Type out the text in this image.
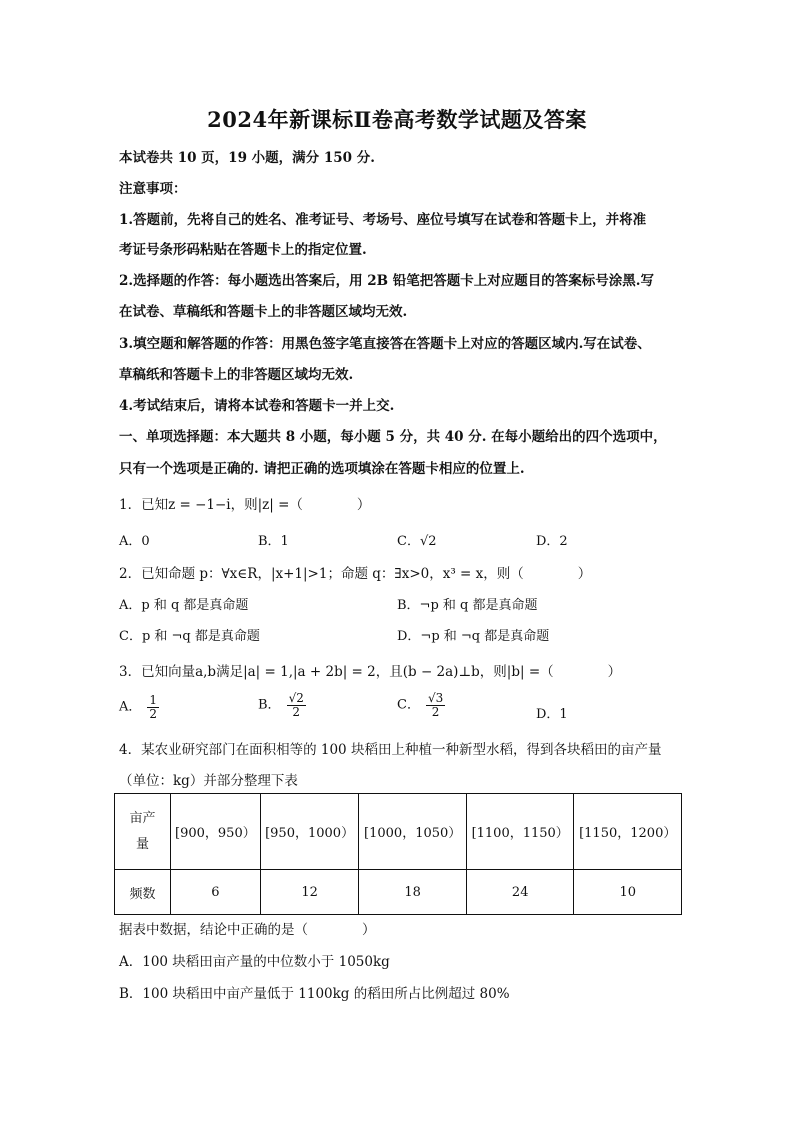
2024年新课标Ⅱ卷高考数学试题及答案
本试卷共 10 页，19 小题，满分 150 分.
注意事项：
1.答题前，先将自己的姓名、准考证号、考场号、座位号填写在试卷和答题卡上，并将准
考证号条形码粘贴在答题卡上的指定位置.
2.选择题的作答：每小题选出答案后，用 2B 铅笔把答题卡上对应题目的答案标号涂黑.写
在试卷、草稿纸和答题卡上的非答题区域均无效.
3.填空题和解答题的作答：用黑色签字笔直接答在答题卡上对应的答题区域内.写在试卷、
草稿纸和答题卡上的非答题区域均无效.
4.考试结束后，请将本试卷和答题卡一并上交.
一、单项选择题：本大题共 8 小题，每小题 5 分，共 40 分. 在每小题给出的四个选项中，
只有一个选项是正确的. 请把正确的选项填涂在答题卡相应的位置上.
1．已知z = −1−i，则|z| =（　　　　）
A．0	B．1	C．√2	D．2
2．已知命题 p：∀x∈R，|x+1|>1；命题 q：∃x>0，x³ = x，则（　　　　）
A．p 和 q 都是真命题	B．¬p 和 q 都是真命题
C．p 和 ¬q 都是真命题	D．¬p 和 ¬q 都是真命题
3．已知向量a,b满足|a| = 1,|a + 2b| = 2，且(b − 2a)⊥b，则|b| =（　　　　）
A． $\frac{1}{2}$	B． $\frac{√2}{2}$	C． $\frac{√3}{2}$	D．1
4．某农业研究部门在面积相等的 100 块稻田上种植一种新型水稻，得到各块稻田的亩产量
（单位：kg）并部分整理下表
亩产
量	[900，950）	[950，1000）	[1000，1050）	[1100，1150）	[1150，1200）
频数	6	12	18	24	10
据表中数据，结论中正确的是（　　　　）
A．100 块稻田亩产量的中位数小于 1050kg
B．100 块稻田中亩产量低于 1100kg 的稻田所占比例超过 80%
